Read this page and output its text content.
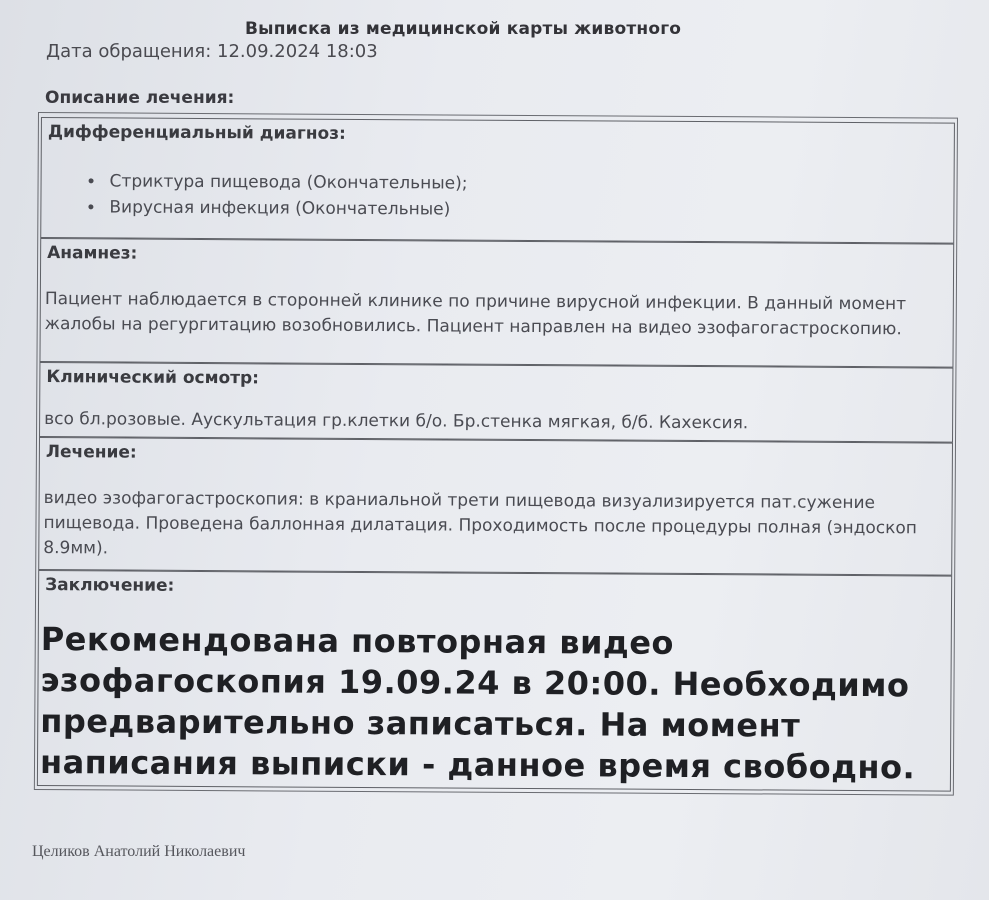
Выписка из медицинской карты животного
Дата обращения: 12.09.2024 18:03
Описание лечения:
Дифференциальный диагноз:
• Стриктура пищевода (Окончательные);
• Вирусная инфекция (Окончательные)
Анамнез:
Пациент наблюдается в сторонней клинике по причине вирусной инфекции. В данный момент жалобы на регургитацию возобновились. Пациент направлен на видео эзофагогастроскопию.
Клинический осмотр:
всо бл.розовые. Аускультация гр.клетки б/о. Бр.стенка мягкая, б/б. Кахексия.
Лечение:
видео эзофагогастроскопия: в краниальной трети пищевода визуализируется пат.сужение пищевода. Проведена баллонная дилатация. Проходимость после процедуры полная (эндоскоп 8.9мм).
Заключение:
Рекомендована повторная видео эзофагоскопия 19.09.24 в 20:00. Необходимо предварительно записаться. На момент написания выписки - данное время свободно.
Целиков Анатолий Николаевич
